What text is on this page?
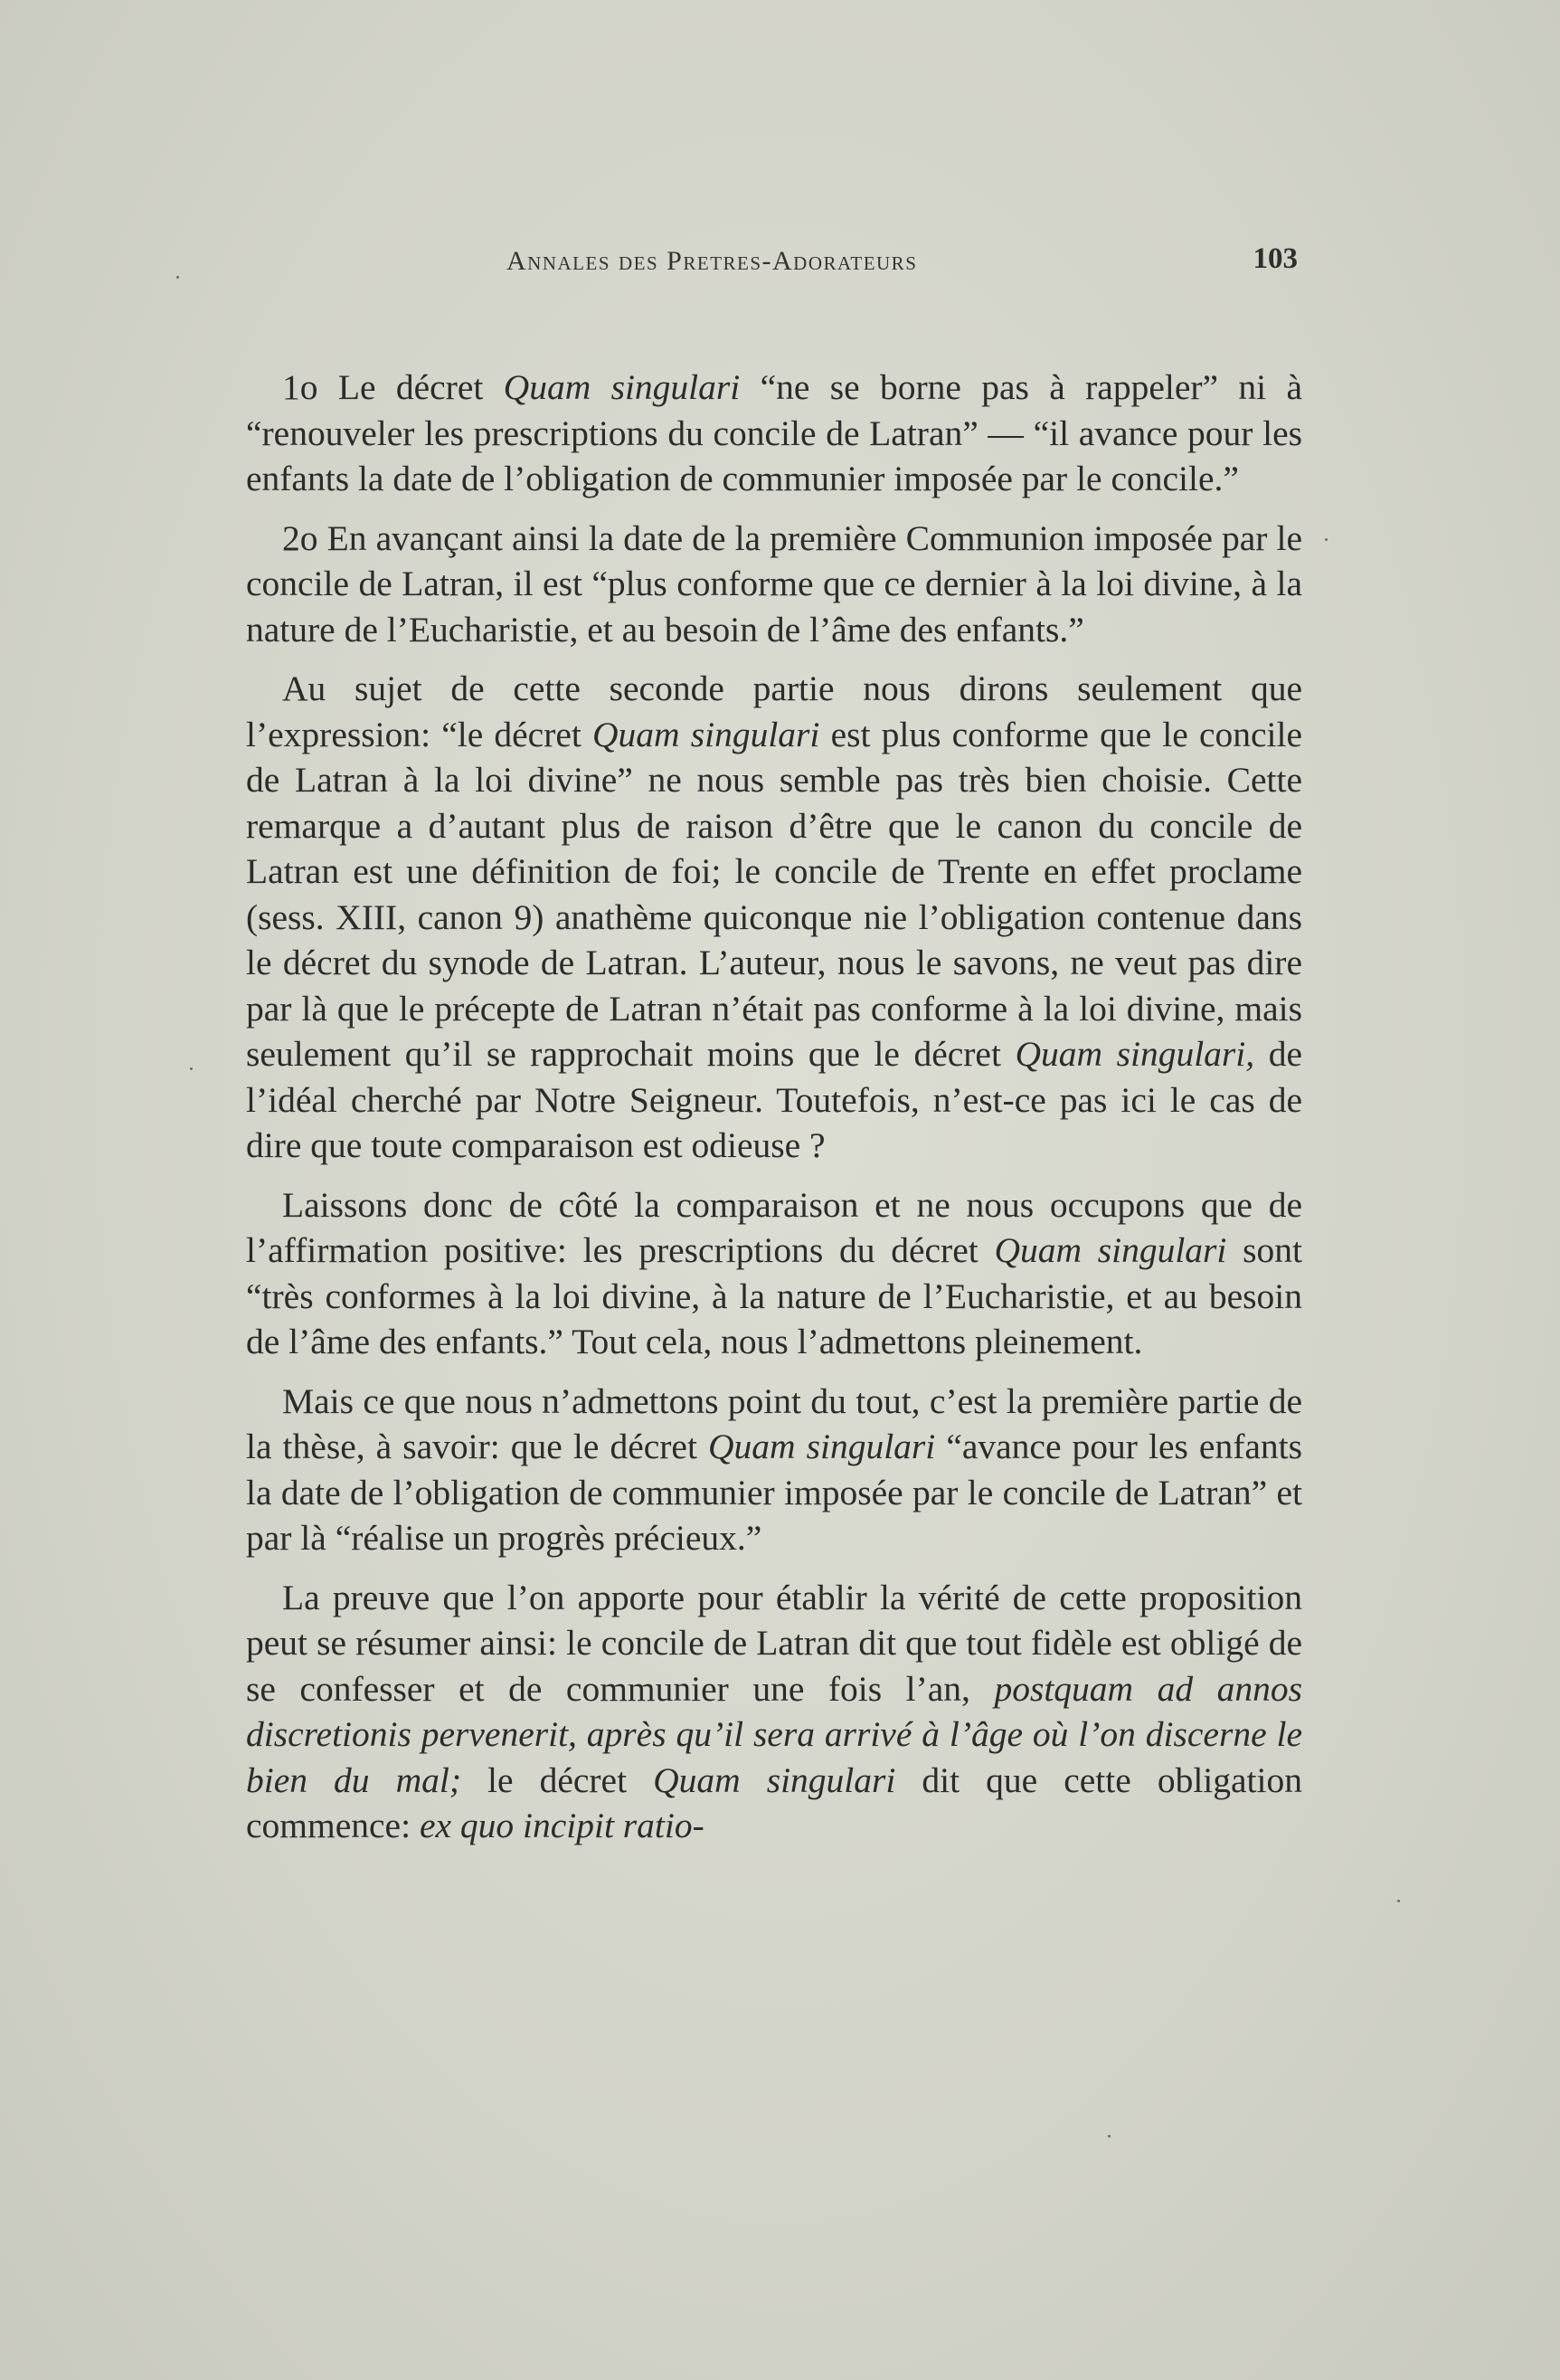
Annales des Pretres-Adorateurs	103

1o Le décret Quam singulari “ne se borne pas à rappeler” ni à “renouveler les prescriptions du concile de Latran” — “il avance pour les enfants la date de l’obligation de communier imposée par le concile.”

2o En avançant ainsi la date de la première Communion imposée par le concile de Latran, il est “plus conforme que ce dernier à la loi divine, à la nature de l’Eucharistie, et au besoin de l’âme des enfants.”

Au sujet de cette seconde partie nous dirons seulement que l’expression: “le décret Quam singulari est plus conforme que le concile de Latran à la loi divine” ne nous semble pas très bien choisie. Cette remarque a d’autant plus de raison d’être que le canon du concile de Latran est une définition de foi; le concile de Trente en effet proclame (sess. XIII, canon 9) anathème quiconque nie l’obligation contenue dans le décret du synode de Latran. L’auteur, nous le savons, ne veut pas dire par là que le précepte de Latran n’était pas conforme à la loi divine, mais seulement qu’il se rapprochait moins que le décret Quam singulari, de l’idéal cherché par Notre Seigneur. Toutefois, n’est-ce pas ici le cas de dire que toute comparaison est odieuse ?

Laissons donc de côté la comparaison et ne nous occupons que de l’affirmation positive: les prescriptions du décret Quam singulari sont “très conformes à la loi divine, à la nature de l’Eucharistie, et au besoin de l’âme des enfants.” Tout cela, nous l’admettons pleinement.

Mais ce que nous n’admettons point du tout, c’est la première partie de la thèse, à savoir: que le décret Quam singulari “avance pour les enfants la date de l’obligation de communier imposée par le concile de Latran” et par là “réalise un progrès précieux.”

La preuve que l’on apporte pour établir la vérité de cette proposition peut se résumer ainsi: le concile de Latran dit que tout fidèle est obligé de se confesser et de communier une fois l’an, postquam ad annos discretionis pervenerit, après qu’il sera arrivé à l’âge où l’on discerne le bien du mal; le décret Quam singulari dit que cette obligation commence: ex quo incipit ratio-
